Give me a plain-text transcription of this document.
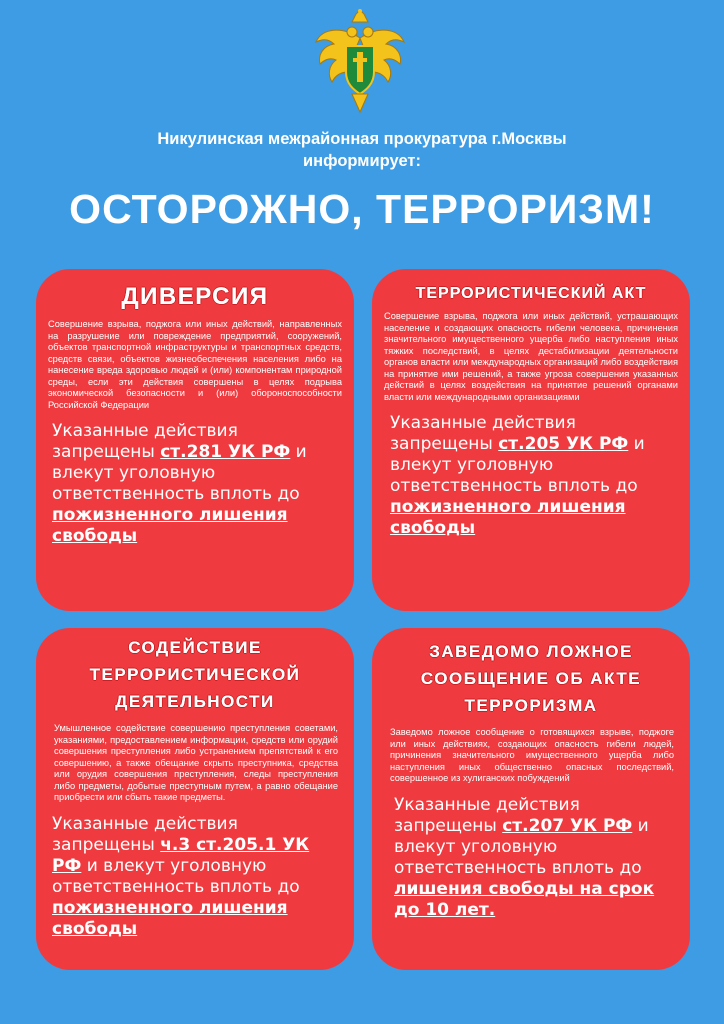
Никулинская межрайонная прокуратура г.Москвы
информирует:
ОСТОРОЖНО, ТЕРРОРИЗМ!
ДИВЕРСИЯ
Совершение взрыва, поджога или иных действий, направленных на разрушение или повреждение предприятий, сооружений, объектов транспортной инфраструктуры и транспортных средств, средств связи, объектов жизнеобеспечения населения либо на нанесение вреда здоровью людей и (или) компонентам природной среды, если эти действия совершены в целях подрыва экономической безопасности и (или) обороноспособности Российской Федерации
Указанные действия запрещены ст.281 УК РФ и влекут уголовную ответственность вплоть до пожизненного лишения свободы
ТЕРРОРИСТИЧЕСКИЙ АКТ
Совершение взрыва, поджога или иных действий, устрашающих население и создающих опасность гибели человека, причинения значительного имущественного ущерба либо наступления иных тяжких последствий, в целях дестабилизации деятельности органов власти или международных организаций либо воздействия на принятие ими решений, а также угроза совершения указанных действий в целях воздействия на принятие решений органами власти или международными организациями
Указанные действия запрещены ст.205 УК РФ и влекут уголовную ответственность вплоть до пожизненного лишения свободы
СОДЕЙСТВИЕ ТЕРРОРИСТИЧЕСКОЙ ДЕЯТЕЛЬНОСТИ
Умышленное содействие совершению преступления советами, указаниями, предоставлением информации, средств или орудий совершения преступления либо устранением препятствий к его совершению, а также обещание скрыть преступника, средства или орудия совершения преступления, следы преступления либо предметы, добытые преступным путем, а равно обещание приобрести или сбыть такие предметы.
Указанные действия запрещены ч.3 ст.205.1 УК РФ и влекут уголовную ответственность вплоть до пожизненного лишения свободы
ЗАВЕДОМО ЛОЖНОЕ СООБЩЕНИЕ ОБ АКТЕ ТЕРРОРИЗМА
Заведомо ложное сообщение о готовящихся взрыве, поджоге или иных действиях, создающих опасность гибели людей, причинения значительного имущественного ущерба либо наступления иных общественно опасных последствий, совершенное из хулиганских побуждений
Указанные действия запрещены ст.207 УК РФ и влекут уголовную ответственность вплоть до лишения свободы на срок до 10 лет.
